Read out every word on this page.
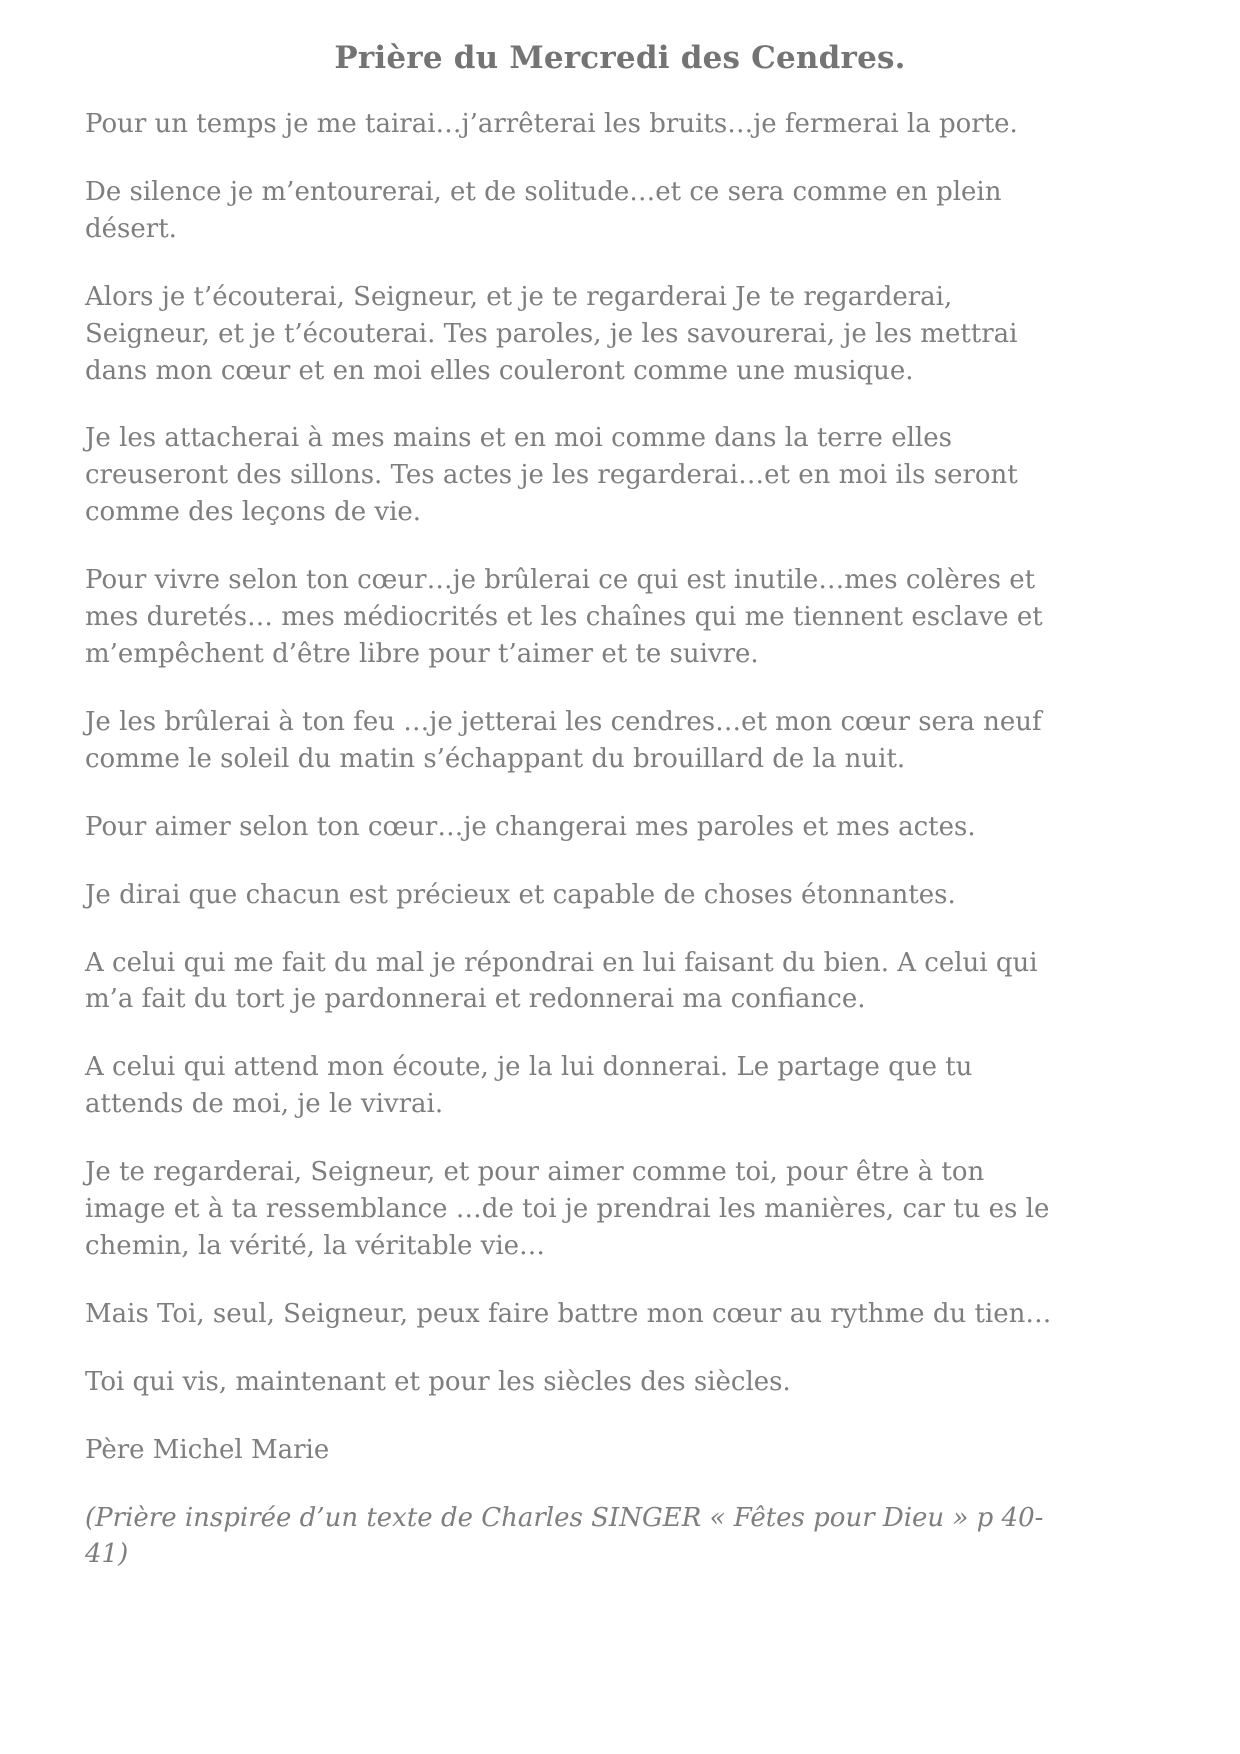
Prière du Mercredi des Cendres.

Pour un temps je me tairai…j’arrêterai les bruits…je fermerai la porte.

De silence je m’entourerai, et de solitude…et ce sera comme en plein désert.

Alors je t’écouterai, Seigneur, et je te regarderai Je te regarderai, Seigneur, et je t’écouterai. Tes paroles, je les savourerai, je les mettrai dans mon cœur et en moi elles couleront comme une musique.

Je les attacherai à mes mains et en moi comme dans la terre elles creuseront des sillons. Tes actes je les regarderai…et en moi ils seront comme des leçons de vie.

Pour vivre selon ton cœur…je brûlerai ce qui est inutile…mes colères et mes duretés… mes médiocrités et les chaînes qui me tiennent esclave et m’empêchent d’être libre pour t’aimer et te suivre.

Je les brûlerai à ton feu …je jetterai les cendres…et mon cœur sera neuf comme le soleil du matin s’échappant du brouillard de la nuit.

Pour aimer selon ton cœur…je changerai mes paroles et mes actes.

Je dirai que chacun est précieux et capable de choses étonnantes.

A celui qui me fait du mal je répondrai en lui faisant du bien. A celui qui m’a fait du tort je pardonnerai et redonnerai ma confiance.

A celui qui attend mon écoute, je la lui donnerai. Le partage que tu attends de moi, je le vivrai.

Je te regarderai, Seigneur, et pour aimer comme toi, pour être à ton image et à ta ressemblance …de toi je prendrai les manières, car tu es le chemin, la vérité, la véritable vie…

Mais Toi, seul, Seigneur, peux faire battre mon cœur au rythme du tien…

Toi qui vis, maintenant et pour les siècles des siècles.

Père Michel Marie

(Prière inspirée d’un texte de Charles SINGER « Fêtes pour Dieu » p 40-41)
